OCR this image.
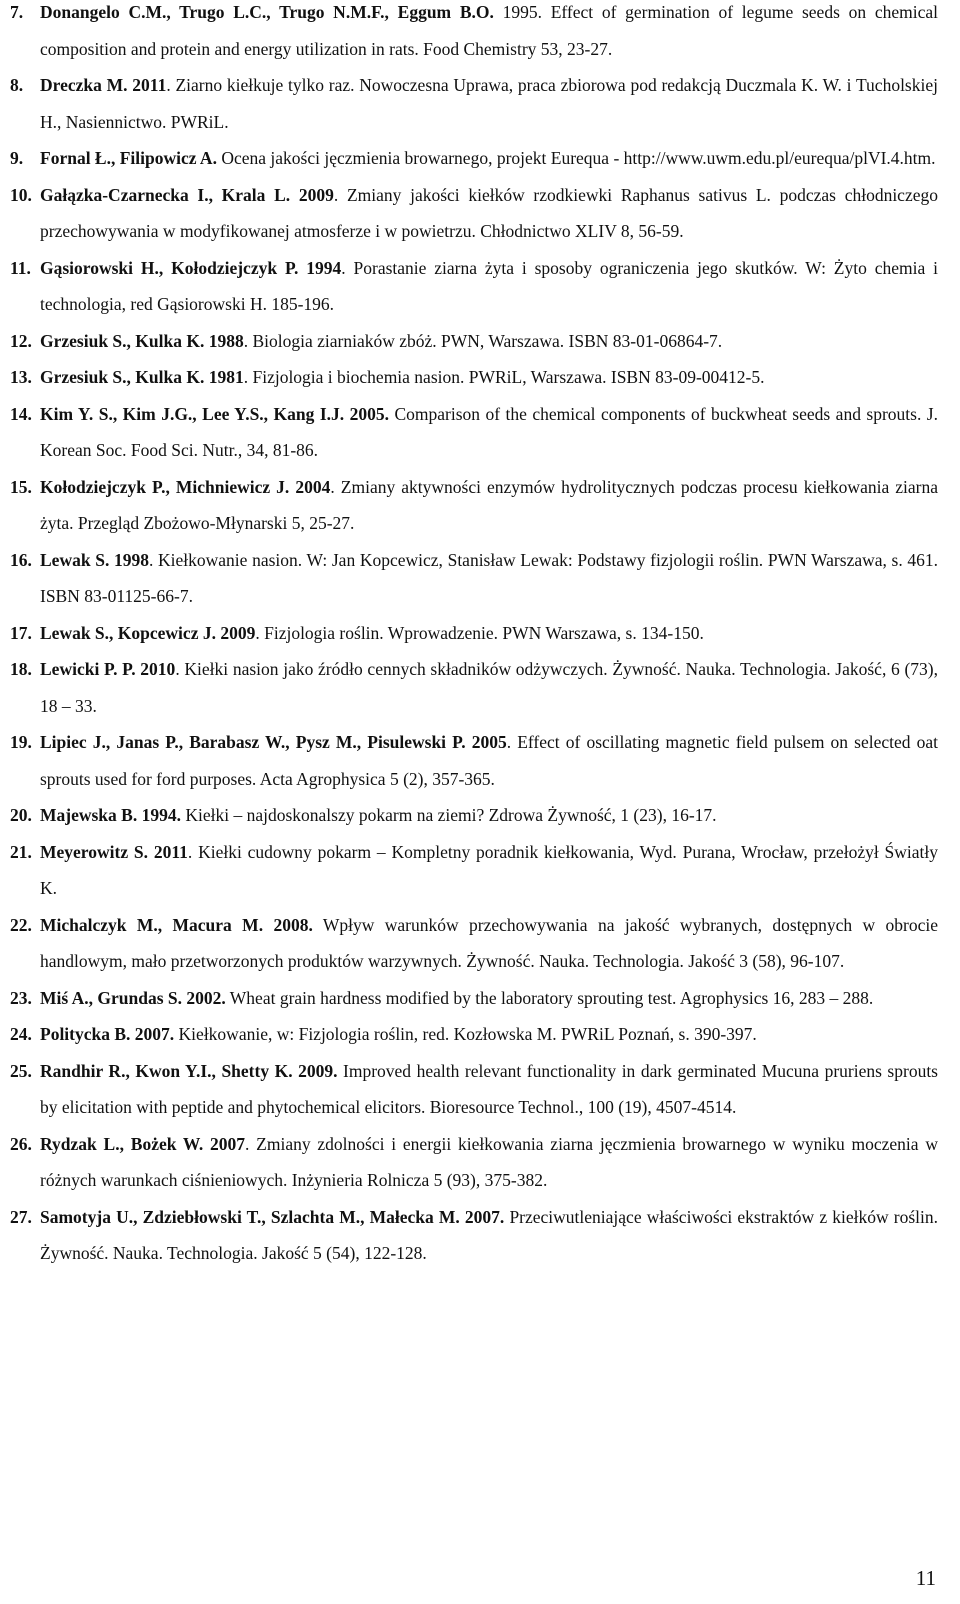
7. Donangelo C.M., Trugo L.C., Trugo N.M.F., Eggum B.O. 1995. Effect of germination of legume seeds on chemical composition and protein and energy utilization in rats. Food Chemistry 53, 23-27.
8. Dreczka M. 2011. Ziarno kiełkuje tylko raz. Nowoczesna Uprawa, praca zbiorowa pod redakcją Duczmala K. W. i Tucholskiej H., Nasiennictwo. PWRiL.
9. Fornal Ł., Filipowicz A. Ocena jakości jęczmienia browarnego, projekt Eurequa - http://www.uwm.edu.pl/eurequa/plVI.4.htm.
10. Gałązka-Czarnecka I., Krala L. 2009. Zmiany jakości kiełków rzodkiewki Raphanus sativus L. podczas chłodniczego przechowywania w modyfikowanej atmosferze i w powietrzu. Chłodnictwo XLIV 8, 56-59.
11. Gąsiorowski H., Kołodziejczyk P. 1994. Porastanie ziarna żyta i sposoby ograniczenia jego skutków. W: Żyto chemia i technologia, red Gąsiorowski H. 185-196.
12. Grzesiuk S., Kulka K. 1988. Biologia ziarniaków zbóż. PWN, Warszawa. ISBN 83-01-06864-7.
13. Grzesiuk S., Kulka K. 1981. Fizjologia i biochemia nasion. PWRiL, Warszawa. ISBN 83-09-00412-5.
14. Kim Y. S., Kim J.G., Lee Y.S., Kang I.J. 2005. Comparison of the chemical components of buckwheat seeds and sprouts. J. Korean Soc. Food Sci. Nutr., 34, 81-86.
15. Kołodziejczyk P., Michniewicz J. 2004. Zmiany aktywności enzymów hydrolitycznych podczas procesu kiełkowania ziarna żyta. Przegląd Zbożowo-Młynarski 5, 25-27.
16. Lewak S. 1998. Kiełkowanie nasion. W: Jan Kopcewicz, Stanisław Lewak: Podstawy fizjologii roślin. PWN Warszawa, s. 461. ISBN 83-01125-66-7.
17. Lewak S., Kopcewicz J. 2009. Fizjologia roślin. Wprowadzenie. PWN Warszawa, s. 134-150.
18. Lewicki P. P. 2010. Kiełki nasion jako źródło cennych składników odżywczych. Żywność. Nauka. Technologia. Jakość, 6 (73), 18 – 33.
19. Lipiec J., Janas P., Barabasz W., Pysz M., Pisulewski P. 2005. Effect of oscillating magnetic field pulsem on selected oat sprouts used for ford purposes. Acta Agrophysica 5 (2), 357-365.
20. Majewska B. 1994. Kiełki – najdoskonalszy pokarm na ziemi? Zdrowa Żywność, 1 (23), 16-17.
21. Meyerowitz S. 2011. Kiełki cudowny pokarm – Kompletny poradnik kiełkowania, Wyd. Purana, Wrocław, przełożył Światły K.
22. Michalczyk M., Macura M. 2008. Wpływ warunków przechowywania na jakość wybranych, dostępnych w obrocie handlowym, mało przetworzonych produktów warzywnych. Żywność. Nauka. Technologia. Jakość 3 (58), 96-107.
23. Miś A., Grundas S. 2002. Wheat grain hardness modified by the laboratory sprouting test. Agrophysics 16, 283 – 288.
24. Politycka B. 2007. Kiełkowanie, w: Fizjologia roślin, red. Kozłowska M. PWRiL Poznań, s. 390-397.
25. Randhir R., Kwon Y.I., Shetty K. 2009. Improved health relevant functionality in dark germinated Mucuna pruriens sprouts by elicitation with peptide and phytochemical elicitors. Bioresource Technol., 100 (19), 4507-4514.
26. Rydzak L., Bożek W. 2007. Zmiany zdolności i energii kiełkowania ziarna jęczmienia browarnego w wyniku moczenia w różnych warunkach ciśnieniowych. Inżynieria Rolnicza 5 (93), 375-382.
27. Samotyja U., Zdziebłowski T., Szlachta M., Małecka M. 2007. Przeciwutleniające właściwości ekstraktów z kiełków roślin. Żywność. Nauka. Technologia. Jakość 5 (54), 122-128.
11
